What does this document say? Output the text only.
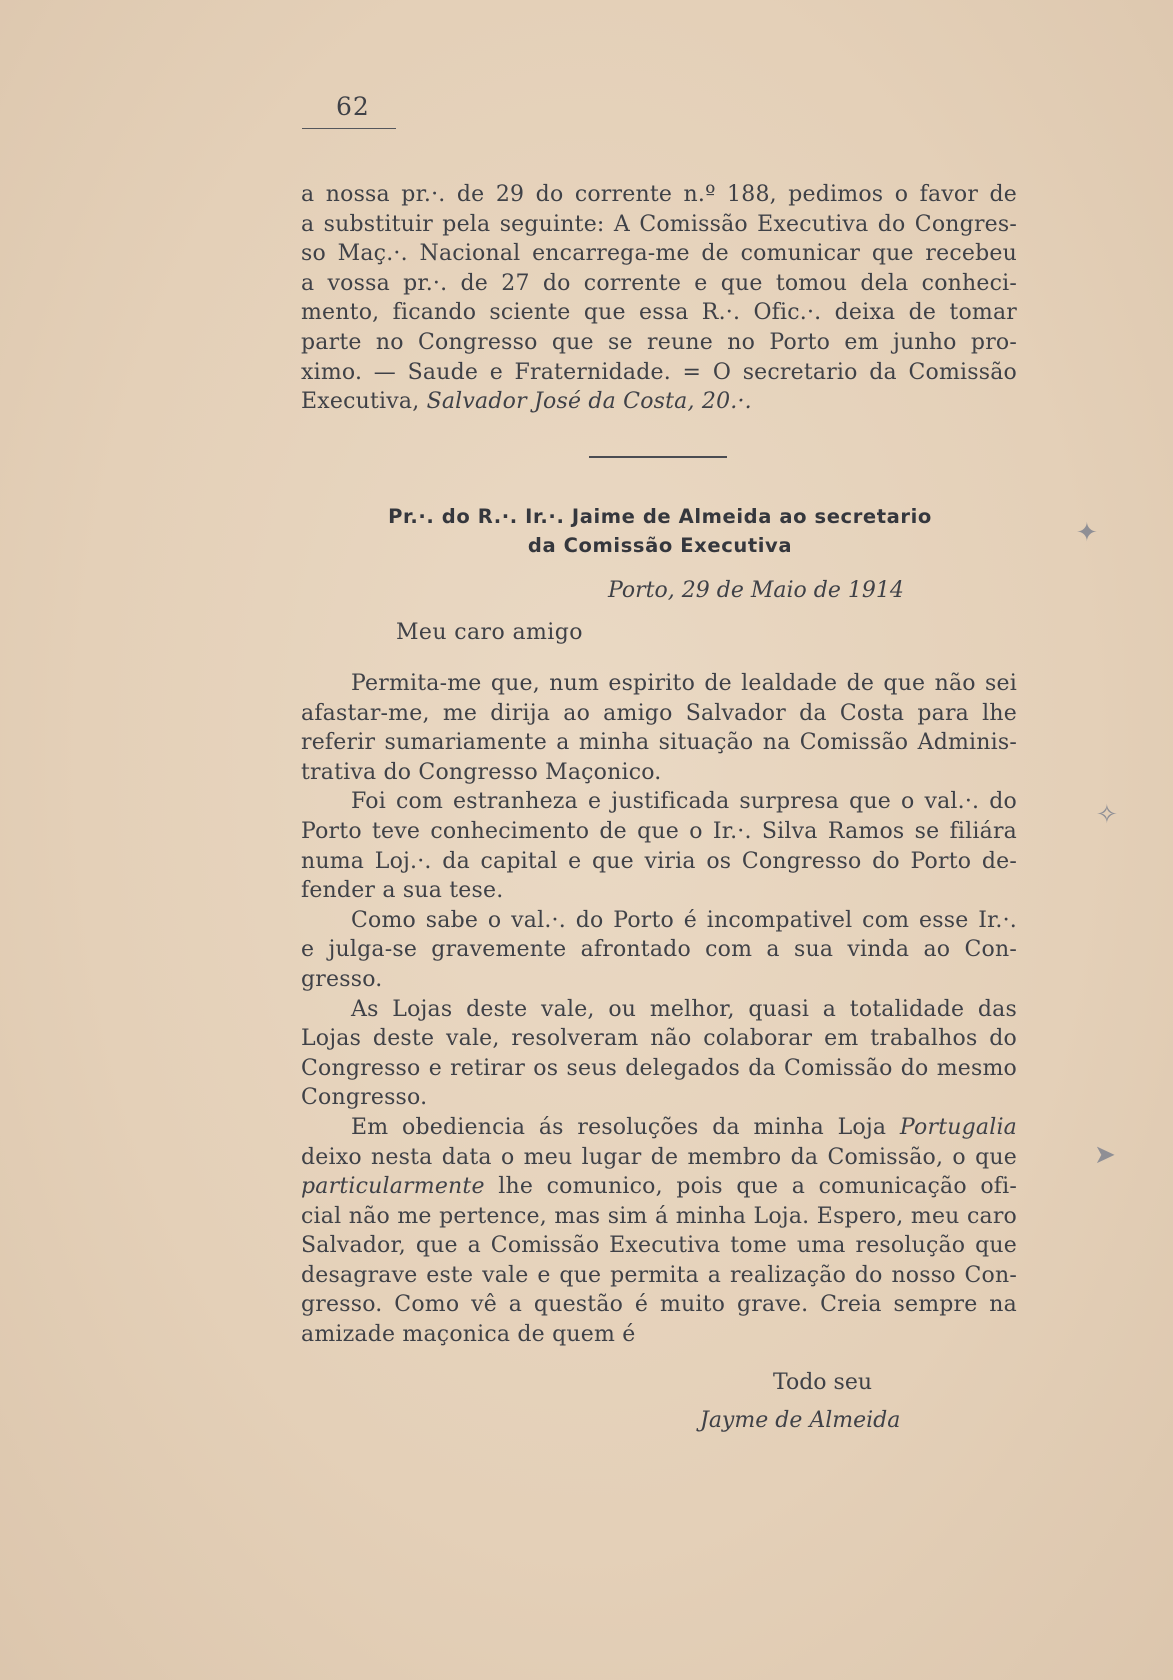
62
a nossa pr.·. de 29 do corrente n.º 188, pedimos o favor de
a substituir pela seguinte: A Comissão Executiva do Congres-
so Maç.·. Nacional encarrega-me de comunicar que recebeu
a vossa pr.·. de 27 do corrente e que tomou dela conheci-
mento, ficando sciente que essa R.·. Ofic.·. deixa de tomar
parte no Congresso que se reune no Porto em junho pro-
ximo. — Saude e Fraternidade. = O secretario da Comissão
Executiva, Salvador José da Costa, 20.·.
Pr.·. do R.·. Ir.·. Jaime de Almeida ao secretario
da Comissão Executiva
Porto, 29 de Maio de 1914
Meu caro amigo
Permita-me que, num espirito de lealdade de que não sei
afastar-me, me dirija ao amigo Salvador da Costa para lhe
referir sumariamente a minha situação na Comissão Adminis-
trativa do Congresso Maçonico.
Foi com estranheza e justificada surpresa que o val.·. do
Porto teve conhecimento de que o Ir.·. Silva Ramos se filiára
numa Loj.·. da capital e que viria os Congresso do Porto de-
fender a sua tese.
Como sabe o val.·. do Porto é incompativel com esse Ir.·.
e julga-se gravemente afrontado com a sua vinda ao Con-
gresso.
As Lojas deste vale, ou melhor, quasi a totalidade das
Lojas deste vale, resolveram não colaborar em trabalhos do
Congresso e retirar os seus delegados da Comissão do mesmo
Congresso.
Em obediencia ás resoluções da minha Loja Portugalia
deixo nesta data o meu lugar de membro da Comissão, o que
particularmente lhe comunico, pois que a comunicação ofi-
cial não me pertence, mas sim á minha Loja. Espero, meu caro
Salvador, que a Comissão Executiva tome uma resolução que
desagrave este vale e que permita a realização do nosso Con-
gresso. Como vê a questão é muito grave. Creia sempre na
amizade maçonica de quem é
Todo seu
Jayme de Almeida
✦
✧
➤
